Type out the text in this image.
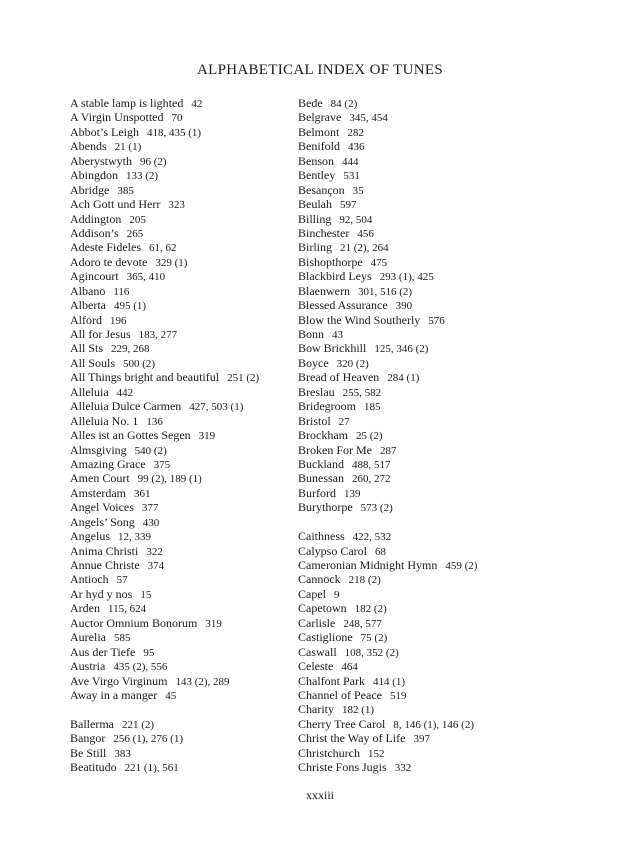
ALPHABETICAL INDEX OF TUNES
A stable lamp is lighted 42
A Virgin Unspotted 70
Abbot’s Leigh 418, 435 (1)
Abends 21 (1)
Aberystwyth 96 (2)
Abingdon 133 (2)
Abridge 385
Ach Gott und Herr 323
Addington 205
Addison’s 265
Adeste Fideles 61, 62
Adoro te devote 329 (1)
Agincourt 365, 410
Albano 116
Alberta 495 (1)
Alford 196
All for Jesus 183, 277
All Sts 229, 268
All Souls 500 (2)
All Things bright and beautiful 251 (2)
Alleluia 442
Alleluia Dulce Carmen 427, 503 (1)
Alleluia No. 1 136
Alles ist an Gottes Segen 319
Almsgiving 540 (2)
Amazing Grace 375
Amen Court 99 (2), 189 (1)
Amsterdam 361
Angel Voices 377
Angels’ Song 430
Angelus 12, 339
Anima Christi 322
Annue Christe 374
Antioch 57
Ar hyd y nos 15
Arden 115, 624
Auctor Omnium Bonorum 319
Aurelia 585
Aus der Tiefe 95
Austria 435 (2), 556
Ave Virgo Virginum 143 (2), 289
Away in a manger 45
Ballerma 221 (2)
Bangor 256 (1), 276 (1)
Be Still 383
Beatitudo 221 (1), 561
Bede 84 (2)
Belgrave 345, 454
Belmont 282
Benifold 436
Benson 444
Bentley 531
Besançon 35
Beulah 597
Billing 92, 504
Binchester 456
Birling 21 (2), 264
Bishopthorpe 475
Blackbird Leys 293 (1), 425
Blaenwern 301, 516 (2)
Blessed Assurance 390
Blow the Wind Southerly 576
Bonn 43
Bow Brickhill 125, 346 (2)
Boyce 320 (2)
Bread of Heaven 284 (1)
Breslau 255, 582
Bridegroom 185
Bristol 27
Brockham 25 (2)
Broken For Me 287
Buckland 488, 517
Bunessan 260, 272
Burford 139
Burythorpe 573 (2)
Caithness 422, 532
Calypso Carol 68
Cameronian Midnight Hymn 459 (2)
Cannock 218 (2)
Capel 9
Capetown 182 (2)
Carlisle 248, 577
Castiglione 75 (2)
Caswall 108, 352 (2)
Celeste 464
Chalfont Park 414 (1)
Channel of Peace 519
Charity 182 (1)
Cherry Tree Carol 8, 146 (1), 146 (2)
Christ the Way of Life 397
Christchurch 152
Christe Fons Jugis 332
xxxiii
